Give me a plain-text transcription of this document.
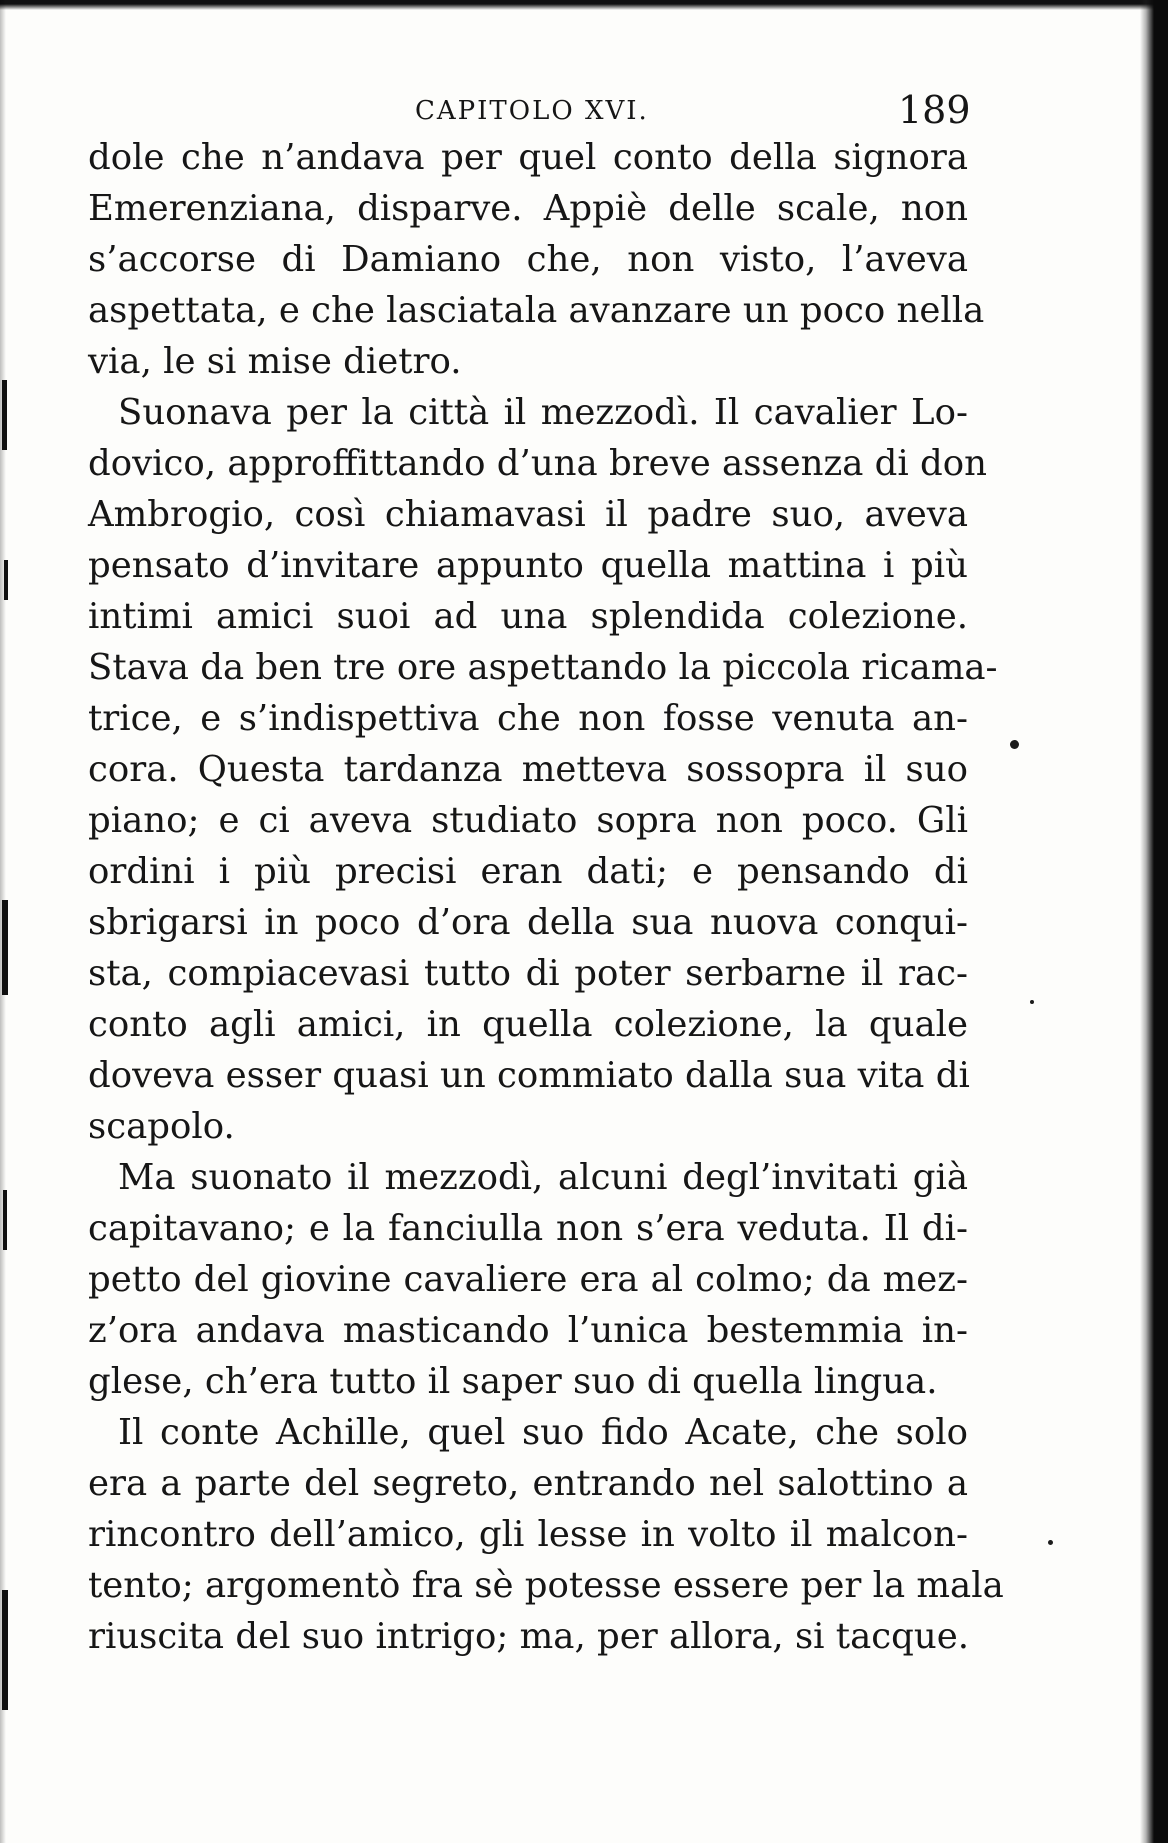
CAPITOLO XVI.	189
dole che n’andava per quel conto della signora
Emerenziana, disparve. Appiè delle scale, non
s’accorse di Damiano che, non visto, l’aveva
aspettata, e che lasciatala avanzare un poco nella
via, le si mise dietro.
Suonava per la città il mezzodì. Il cavalier Lo-
dovico, approffittando d’una breve assenza di don
Ambrogio, così chiamavasi il padre suo, aveva
pensato d’invitare appunto quella mattina i più
intimi amici suoi ad una splendida colezione.
Stava da ben tre ore aspettando la piccola ricama-
trice, e s’indispettiva che non fosse venuta an-
cora. Questa tardanza metteva sossopra il suo
piano; e ci aveva studiato sopra non poco. Gli
ordini i più precisi eran dati; e pensando di
sbrigarsi in poco d’ora della sua nuova conqui-
sta, compiacevasi tutto di poter serbarne il rac-
conto agli amici, in quella colezione, la quale
doveva esser quasi un commiato dalla sua vita di
scapolo.
Ma suonato il mezzodì, alcuni degl’invitati già
capitavano; e la fanciulla non s’era veduta. Il di-
petto del giovine cavaliere era al colmo; da mez-
z’ora andava masticando l’unica bestemmia in-
glese, ch’era tutto il saper suo di quella lingua.
Il conte Achille, quel suo fido Acate, che solo
era a parte del segreto, entrando nel salottino a
rincontro dell’amico, gli lesse in volto il malcon-
tento; argomentò fra sè potesse essere per la mala
riuscita del suo intrigo; ma, per allora, si tacque.
